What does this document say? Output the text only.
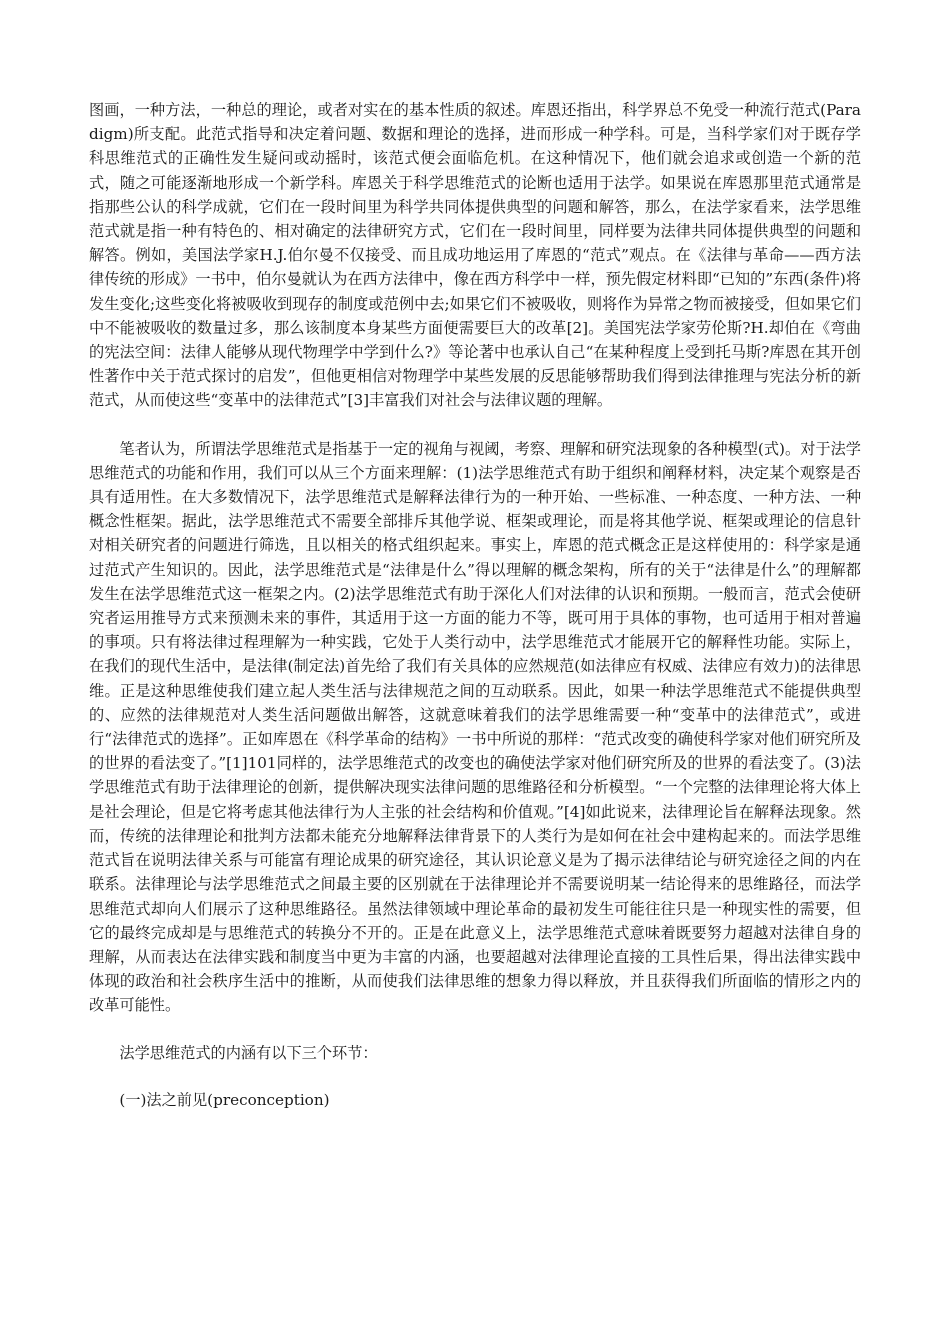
图画，一种方法，一种总的理论，或者对实在的基本性质的叙述。库恩还指出，科学界总不免受一种流行范式(Paradigm)所支配。此范式指导和决定着问题、数据和理论的选择，进而形成一种学科。可是，当科学家们对于既存学科思维范式的正确性发生疑问或动摇时，该范式便会面临危机。在这种情况下，他们就会追求或创造一个新的范式，随之可能逐渐地形成一个新学科。库恩关于科学思维范式的论断也适用于法学。如果说在库恩那里范式通常是指那些公认的科学成就，它们在一段时间里为科学共同体提供典型的问题和解答，那么，在法学家看来，法学思维范式就是指一种有特色的、相对确定的法律研究方式，它们在一段时间里，同样要为法律共同体提供典型的问题和解答。例如，美国法学家H.J.伯尔曼不仅接受、而且成功地运用了库恩的“范式”观点。在《法律与革命——西方法律传统的形成》一书中，伯尔曼就认为在西方法律中，像在西方科学中一样，预先假定材料即“已知的”东西(条件)将发生变化;这些变化将被吸收到现存的制度或范例中去;如果它们不被吸收，则将作为异常之物而被接受，但如果它们中不能被吸收的数量过多，那么该制度本身某些方面便需要巨大的改革[2]。美国宪法学家劳伦斯?H.却伯在《弯曲的宪法空间：法律人能够从现代物理学中学到什么?》等论著中也承认自己“在某种程度上受到托马斯?库恩在其开创性著作中关于范式探讨的启发”，但他更相信对物理学中某些发展的反思能够帮助我们得到法律推理与宪法分析的新范式，从而使这些“变革中的法律范式”[3]丰富我们对社会与法律议题的理解。

笔者认为，所谓法学思维范式是指基于一定的视角与视阈，考察、理解和研究法现象的各种模型(式)。对于法学思维范式的功能和作用，我们可以从三个方面来理解：(1)法学思维范式有助于组织和阐释材料，决定某个观察是否具有适用性。在大多数情况下，法学思维范式是解释法律行为的一种开始、一些标准、一种态度、一种方法、一种概念性框架。据此，法学思维范式不需要全部排斥其他学说、框架或理论，而是将其他学说、框架或理论的信息针对相关研究者的问题进行筛选，且以相关的格式组织起来。事实上，库恩的范式概念正是这样使用的：科学家是通过范式产生知识的。因此，法学思维范式是“法律是什么”得以理解的概念架构，所有的关于“法律是什么”的理解都发生在法学思维范式这一框架之内。(2)法学思维范式有助于深化人们对法律的认识和预期。一般而言，范式会使研究者运用推导方式来预测未来的事件，其适用于这一方面的能力不等，既可用于具体的事物，也可适用于相对普遍的事项。只有将法律过程理解为一种实践，它处于人类行动中，法学思维范式才能展开它的解释性功能。实际上，在我们的现代生活中，是法律(制定法)首先给了我们有关具体的应然规范(如法律应有权威、法律应有效力)的法律思维。正是这种思维使我们建立起人类生活与法律规范之间的互动联系。因此，如果一种法学思维范式不能提供典型的、应然的法律规范对人类生活问题做出解答，这就意味着我们的法学思维需要一种“变革中的法律范式”，或进行“法律范式的选择”。正如库恩在《科学革命的结构》一书中所说的那样：“范式改变的确使科学家对他们研究所及的世界的看法变了。”[1]101同样的，法学思维范式的改变也的确使法学家对他们研究所及的世界的看法变了。(3)法学思维范式有助于法律理论的创新，提供解决现实法律问题的思维路径和分析模型。“一个完整的法律理论将大体上是社会理论，但是它将考虑其他法律行为人主张的社会结构和价值观。”[4]如此说来，法律理论旨在解释法现象。然而，传统的法律理论和批判方法都未能充分地解释法律背景下的人类行为是如何在社会中建构起来的。而法学思维范式旨在说明法律关系与可能富有理论成果的研究途径，其认识论意义是为了揭示法律结论与研究途径之间的内在联系。法律理论与法学思维范式之间最主要的区别就在于法律理论并不需要说明某一结论得来的思维路径，而法学思维范式却向人们展示了这种思维路径。虽然法律领域中理论革命的最初发生可能往往只是一种现实性的需要，但它的最终完成却是与思维范式的转换分不开的。正是在此意义上，法学思维范式意味着既要努力超越对法律自身的理解，从而表达在法律实践和制度当中更为丰富的内涵，也要超越对法律理论直接的工具性后果，得出法律实践中体现的政治和社会秩序生活中的推断，从而使我们法律思维的想象力得以释放，并且获得我们所面临的情形之内的改革可能性。

法学思维范式的内涵有以下三个环节：

(一)法之前见(preconception)
